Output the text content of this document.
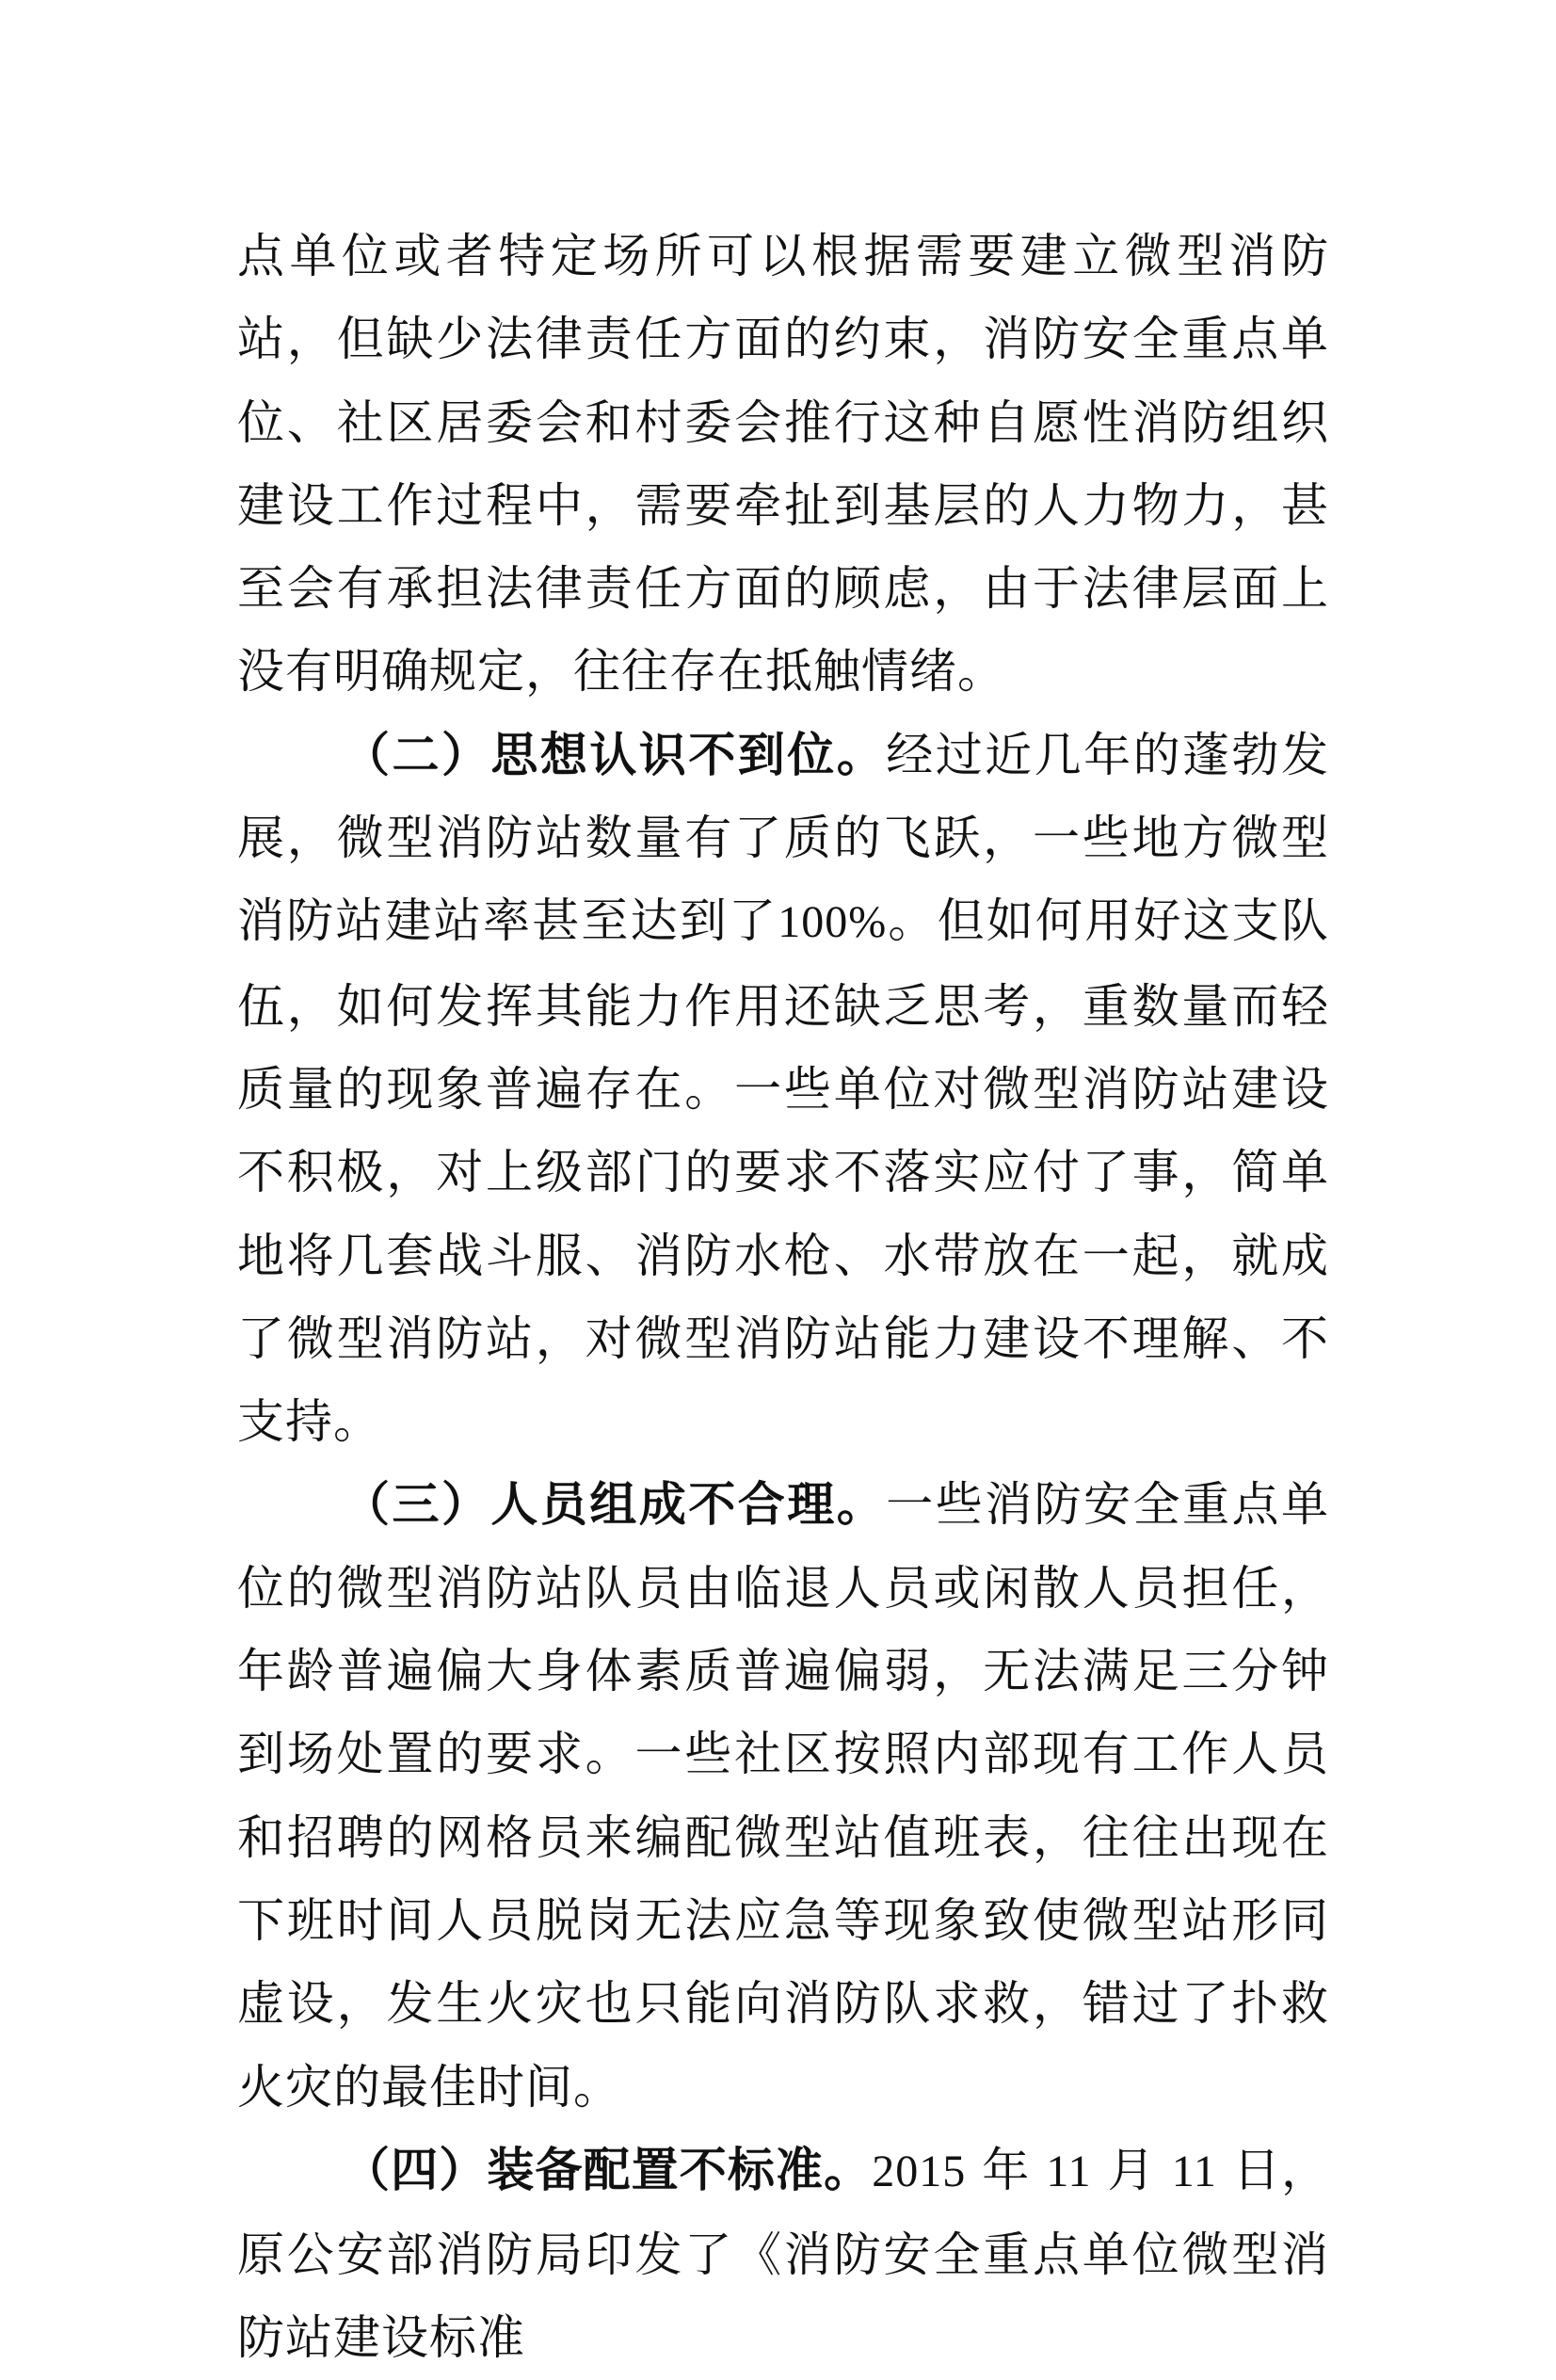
点单位或者特定场所可以根据需要建立微型消防站，但缺少法律责任方面的约束，消防安全重点单位、社区居委会和村委会推行这种自愿性消防组织建设工作过程中，需要牵扯到基层的人力物力，甚至会有承担法律责任方面的顾虑，由于法律层面上没有明确规定，往往存在抵触情绪。

（二）思想认识不到位。经过近几年的蓬勃发展，微型消防站数量有了质的飞跃，一些地方微型消防站建站率甚至达到了100%。但如何用好这支队伍，如何发挥其能力作用还缺乏思考，重数量而轻质量的现象普遍存在。一些单位对微型消防站建设不积极，对上级部门的要求不落实应付了事，简单地将几套战斗服、消防水枪、水带放在一起，就成了微型消防站，对微型消防站能力建设不理解、不支持。

（三）人员组成不合理。一些消防安全重点单位的微型消防站队员由临退人员或闲散人员担任，年龄普遍偏大身体素质普遍偏弱，无法满足三分钟到场处置的要求。一些社区按照内部现有工作人员和招聘的网格员来编配微型站值班表，往往出现在下班时间人员脱岗无法应急等现象致使微型站形同虚设，发生火灾也只能向消防队求救，错过了扑救火灾的最佳时间。

（四）装备配置不标准。2015 年 11 月 11 日，原公安部消防局印发了《消防安全重点单位微型消防站建设标准
